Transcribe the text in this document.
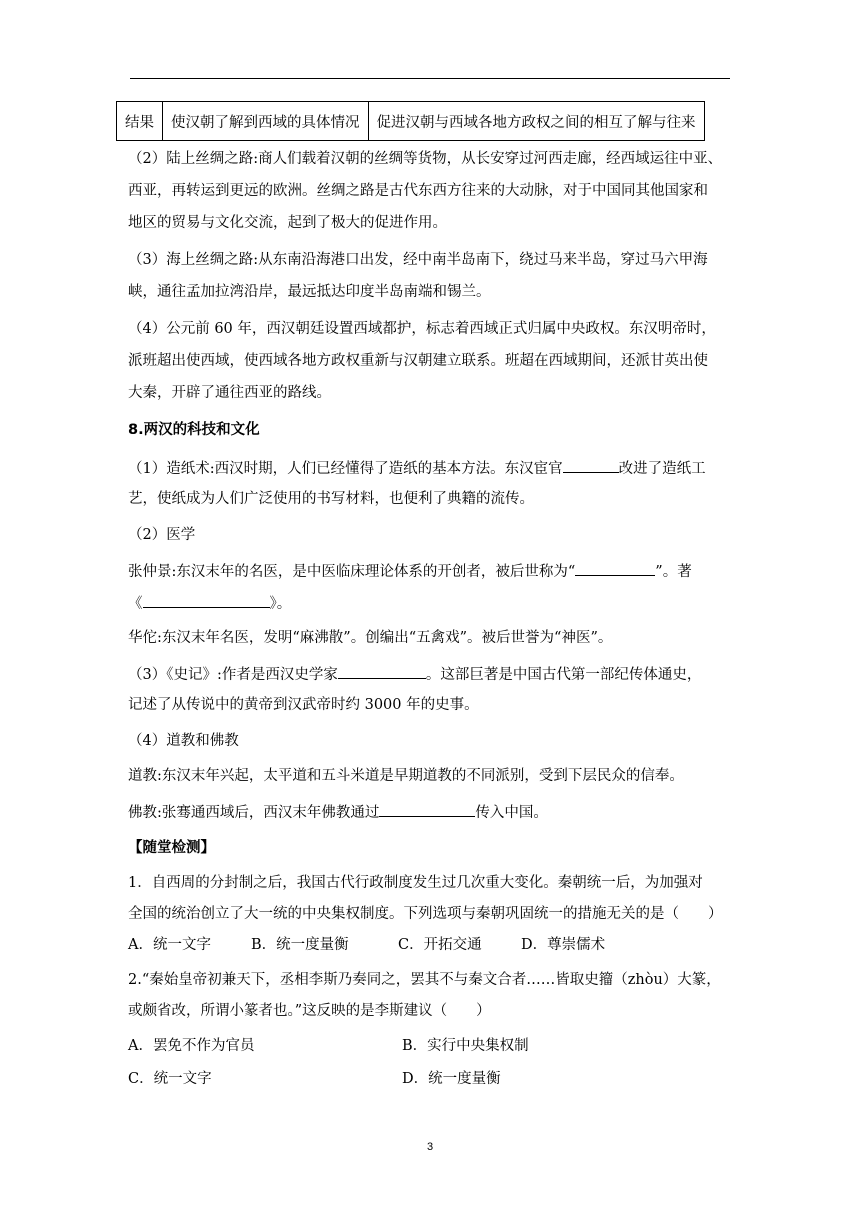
结果	使汉朝了解到西域的具体情况	促进汉朝与西域各地方政权之间的相互了解与往来
（2）陆上丝绸之路:商人们载着汉朝的丝绸等货物，从长安穿过河西走廊，经西域运往中亚、
西亚，再转运到更远的欧洲。丝绸之路是古代东西方往来的大动脉，对于中国同其他国家和
地区的贸易与文化交流，起到了极大的促进作用。
（3）海上丝绸之路:从东南沿海港口出发，经中南半岛南下，绕过马来半岛，穿过马六甲海
峡，通往孟加拉湾沿岸，最远抵达印度半岛南端和锡兰。
（4）公元前 60 年，西汉朝廷设置西域都护，标志着西域正式归属中央政权。东汉明帝时，
派班超出使西域，使西域各地方政权重新与汉朝建立联系。班超在西域期间，还派甘英出使
大秦，开辟了通往西亚的路线。
8.两汉的科技和文化
（1）造纸术:西汉时期，人们已经懂得了造纸的基本方法。东汉宦官	改进了造纸工
艺，使纸成为人们广泛使用的书写材料，也便利了典籍的流传。
（2）医学
张仲景:东汉末年的名医，是中医临床理论体系的开创者，被后世称为“	”。著
《	》。
华佗:东汉末年名医，发明“麻沸散”。创编出“五禽戏”。被后世誉为“神医”。
（3）《史记》:作者是西汉史学家	。这部巨著是中国古代第一部纪传体通史，
记述了从传说中的黄帝到汉武帝时约 3000 年的史事。
（4）道教和佛教
道教:东汉末年兴起，太平道和五斗米道是早期道教的不同派别，受到下层民众的信奉。
佛教:张骞通西域后，西汉末年佛教通过	传入中国。
【随堂检测】
1．自西周的分封制之后，我国古代行政制度发生过几次重大变化。秦朝统一后，为加强对
全国的统治创立了大一统的中央集权制度。下列选项与秦朝巩固统一的措施无关的是（　　）
A．统一文字	B．统一度量衡	C．开拓交通	D．尊崇儒术
2.“秦始皇帝初兼天下，丞相李斯乃奏同之，罢其不与秦文合者……皆取史籀（zhòu）大篆，
或颇省改，所谓小篆者也。”这反映的是李斯建议（　　）
A．罢免不作为官员	B．实行中央集权制
C．统一文字	D．统一度量衡
3
